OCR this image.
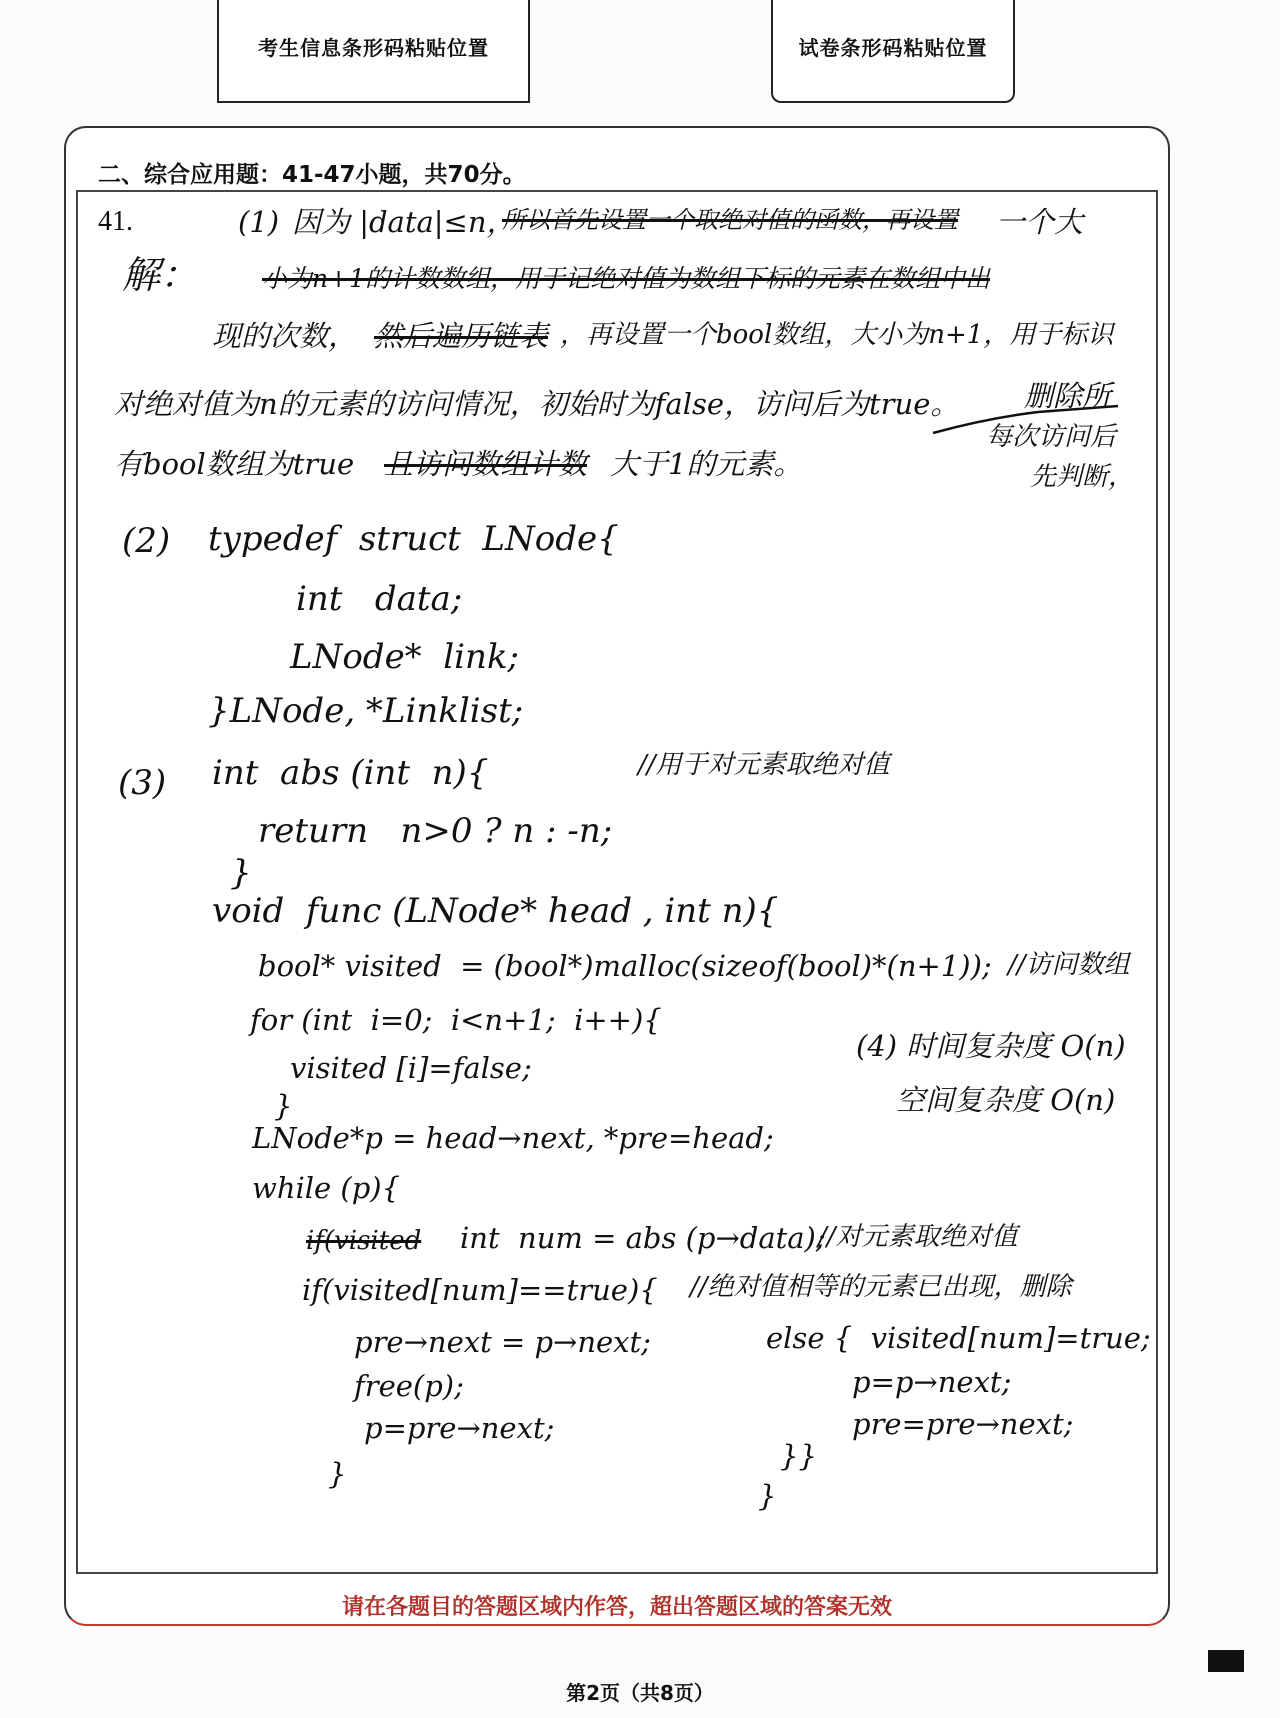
考生信息条形码粘贴位置	试卷条形码粘贴位置
二、综合应用题：41-47小题，共70分。
41.
解：
(1) 因为 |data|≤n，
所以首先设置一个取绝对值的函数，再设置 一个大
小为n+1的计数数组，用于记绝对值为数组下标的元素在数组中出
现的次数， 然后遍历链表 ，再设置一个bool数组，大小为n+1，用于标识
对绝对值为n的元素的访问情况，初始时为false，访问后为true。 删除所
有bool数组为true 且访问数组计数 大于1的元素。
每次访问后
先判断，
(2) typedef  struct  LNode{
int   data;
LNode*  link;
}LNode, *Linklist;
(3) int  abs (int  n){	//用于对元素取绝对值
return   n>0 ? n : -n;
}
void  func (LNode* head , int n){
bool* visited  = (bool*)malloc(sizeof(bool)*(n+1)); //访问数组
for (int  i=0;  i<n+1;  i++){
visited [i]=false;
}
LNode*p = head→next, *pre=head;
while (p){
if(visited int  num = abs (p→data);
//对元素取绝对值
if(visited[num]==true){ //绝对值相等的元素已出现，删除
pre→next = p→next;
free(p);
p=pre→next;
}
else {  visited[num]=true;
p=p→next;
pre=pre→next;
}}
}
(4) 时间复杂度 O(n)
空间复杂度 O(n)
请在各题目的答题区域内作答，超出答题区域的答案无效
第2页（共8页）
